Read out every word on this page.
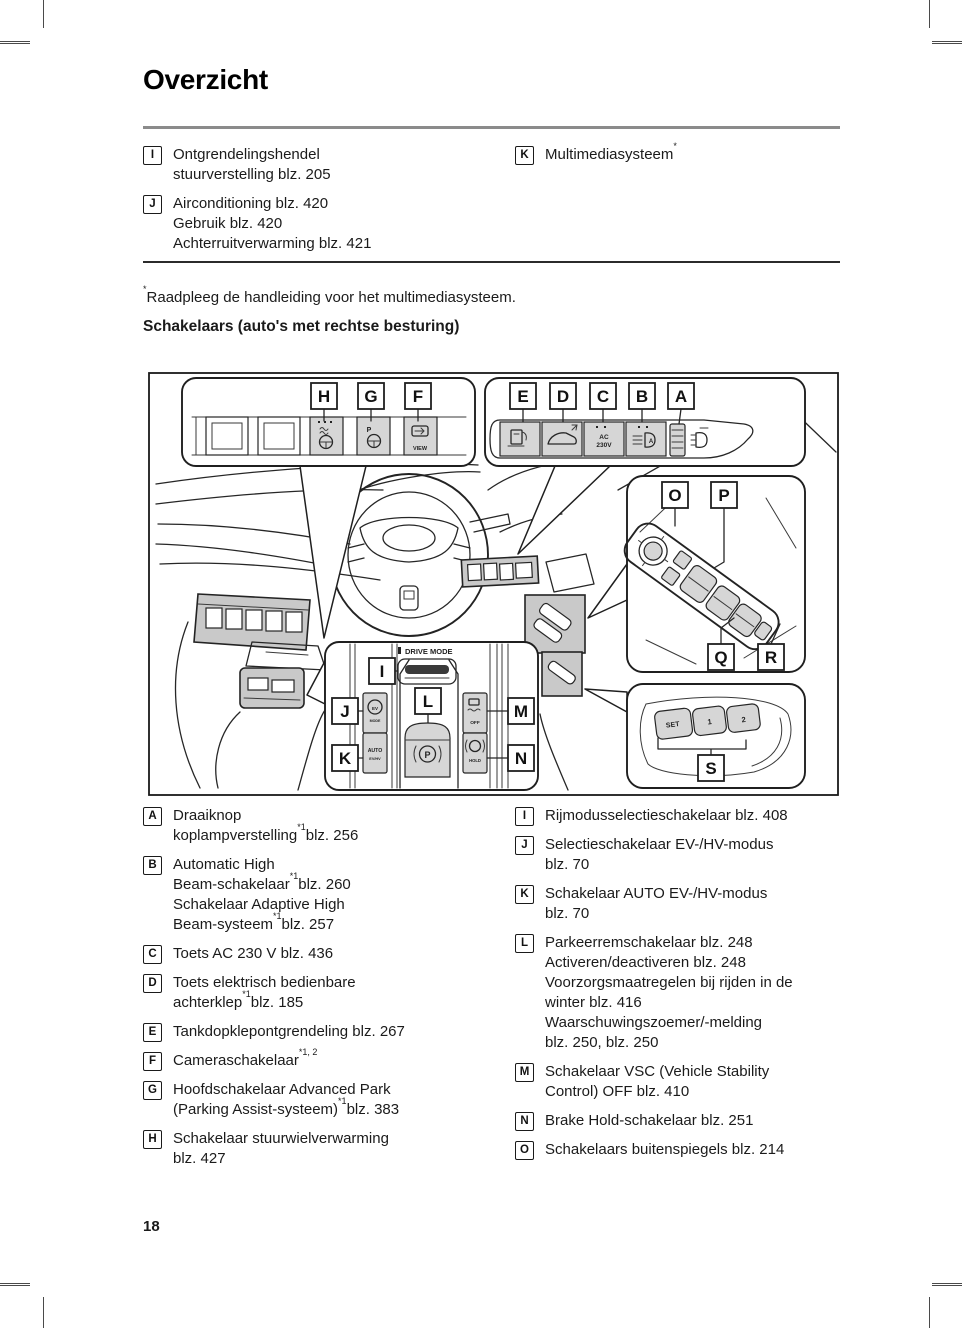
Overzicht
I	Ontgrendelingshendel
stuurverstelling blz. 205
J	Airconditioning blz. 420
Gebruik blz. 420
Achterruitverwarming blz. 421
K	Multimediasysteem*
*Raadpleeg de handleiding voor het multimediasysteem.
Schakelaars (auto's met rechtse besturing)
P
VIEW
H G F
AC
230V	A
E D C B A
O P
Q R
SET	1	2
S
DRIVE MODE
EV
MODE
AUTO
EV/HV	P
OFF
HOLD
I
J
K
L
M
N
A	Draaiknop
koplampverstelling$^{*1}$blz. 256
B	Automatic High
Beam-schakelaar$^{*1}$blz. 260
Schakelaar Adaptive High
Beam-systeem$^{*1}$blz. 257
C	Toets AC 230 V blz. 436
D	Toets elektrisch bedienbare
achterklep$^{*1}$blz. 185
E	Tankdopklepontgrendeling blz. 267
F	Cameraschakelaar$^{*1, 2}$
G	Hoofdschakelaar Advanced Park
(Parking Assist-systeem)$^{*1}$blz. 383
H	Schakelaar stuurwielverwarming
blz. 427
I	Rijmodusselectieschakelaar blz. 408
J	Selectieschakelaar EV-/HV-modus
blz. 70
K	Schakelaar AUTO EV-/HV-modus
blz. 70
L	Parkeerremschakelaar blz. 248
Activeren/deactiveren blz. 248
Voorzorgsmaatregelen bij rijden in de
winter blz. 416
Waarschuwingszoemer/-melding
blz. 250, blz. 250
M	Schakelaar VSC (Vehicle Stability
Control) OFF blz. 410
N	Brake Hold-schakelaar blz. 251
O	Schakelaars buitenspiegels blz. 214
18
